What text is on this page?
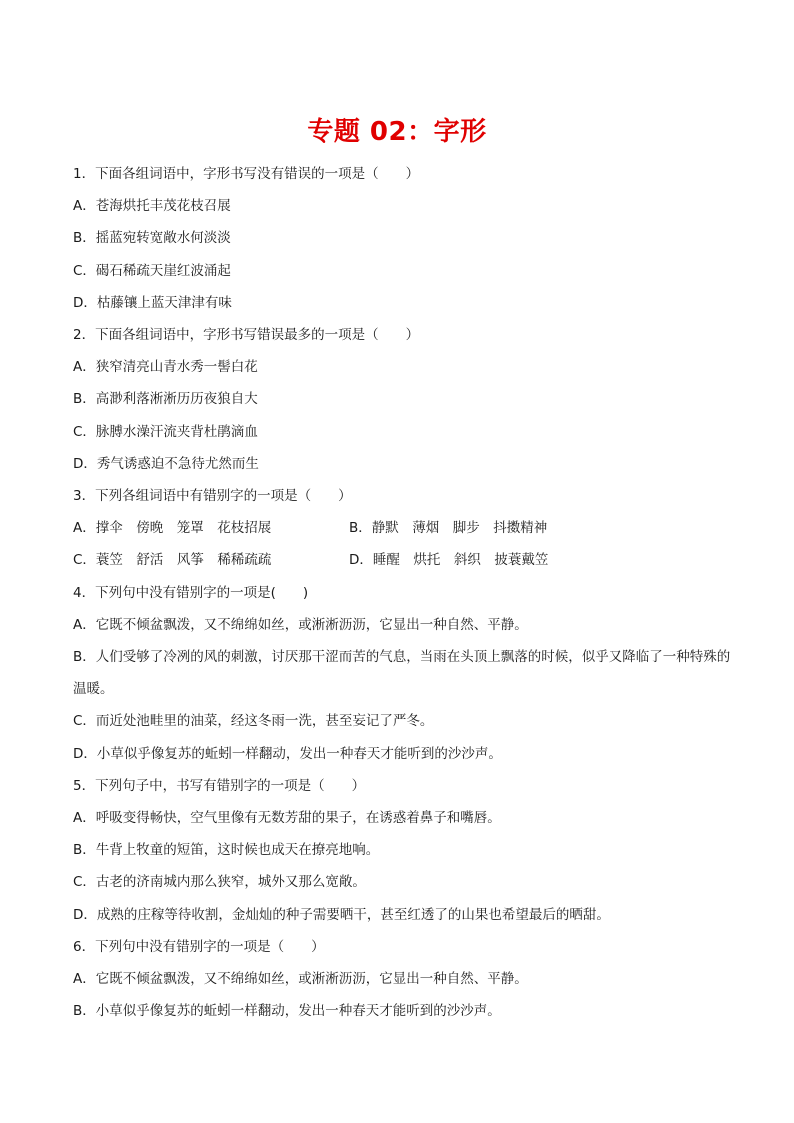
专题 02：字形
1．下面各组词语中，字形书写没有错误的一项是（　　）
A．苍海烘托丰茂花枝召展
B．摇蓝宛转宽敞水何淡淡
C．碣石稀疏天崖红波涌起
D．枯藤镶上蓝天津津有味
2．下面各组词语中，字形书写错误最多的一项是（　　）
A．狭窄清亮山青水秀一髻白花
B．高渺利落淅淅历历夜狼自大
C．脉膊水澡汗流夹背杜鹃滴血
D．秀气诱惑迫不急待尤然而生
3．下列各组词语中有错别字的一项是（　　）
A．撑伞　傍晚　笼罩　花枝招展	B．静默　薄烟　脚步　抖擞精神
C．蓑笠　舒活　风筝　稀稀疏疏	D．睡醒　烘托　斜织　披蓑戴笠
4．下列句中没有错别字的一项是(　　)
A．它既不倾盆飘泼，又不绵绵如丝，或淅淅沥沥，它显出一种自然、平静。
B．人们受够了冷冽的风的刺激，讨厌那干涩而苦的气息，当雨在头顶上飘落的时候，似乎又降临了一种特殊的温暖。
C．而近处池畦里的油菜，经这冬雨一洗，甚至妄记了严冬。
D．小草似乎像复苏的蚯蚓一样翻动，发出一种春天才能听到的沙沙声。
5．下列句子中，书写有错别字的一项是（　　）
A．呼吸变得畅快，空气里像有无数芳甜的果子，在诱惑着鼻子和嘴唇。
B．牛背上牧童的短笛，这时候也成天在撩亮地响。
C．古老的济南城内那么狭窄，城外又那么宽敞。
D．成熟的庄稼等待收割，金灿灿的种子需要晒干，甚至红透了的山果也希望最后的晒甜。
6．下列句中没有错别字的一项是（　　）
A．它既不倾盆飘泼，又不绵绵如丝，或淅淅沥沥，它显出一种自然、平静。
B．小草似乎像复苏的蚯蚓一样翻动，发出一种春天才能听到的沙沙声。
